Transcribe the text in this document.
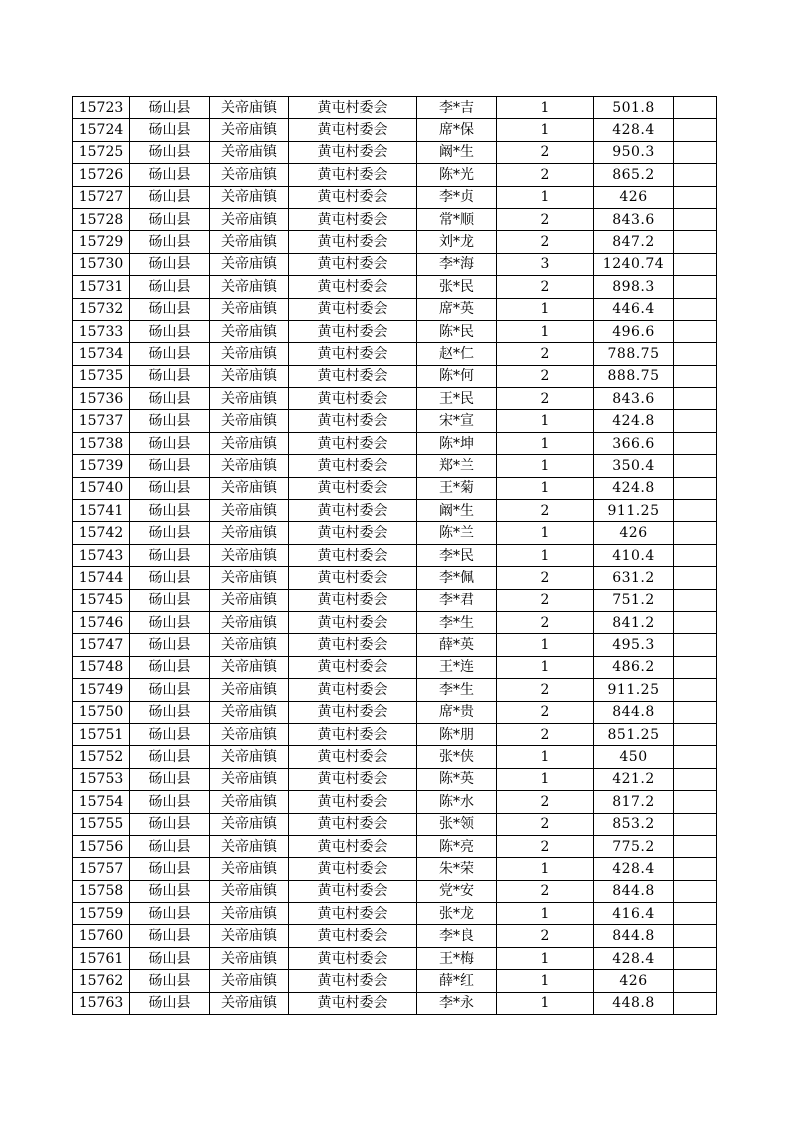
15723	砀山县	关帝庙镇	黄屯村委会	李*吉	1	501.8	
15724	砀山县	关帝庙镇	黄屯村委会	席*保	1	428.4	
15725	砀山县	关帝庙镇	黄屯村委会	阚*生	2	950.3	
15726	砀山县	关帝庙镇	黄屯村委会	陈*光	2	865.2	
15727	砀山县	关帝庙镇	黄屯村委会	李*贞	1	426	
15728	砀山县	关帝庙镇	黄屯村委会	常*顺	2	843.6	
15729	砀山县	关帝庙镇	黄屯村委会	刘*龙	2	847.2	
15730	砀山县	关帝庙镇	黄屯村委会	李*海	3	1240.74	
15731	砀山县	关帝庙镇	黄屯村委会	张*民	2	898.3	
15732	砀山县	关帝庙镇	黄屯村委会	席*英	1	446.4	
15733	砀山县	关帝庙镇	黄屯村委会	陈*民	1	496.6	
15734	砀山县	关帝庙镇	黄屯村委会	赵*仁	2	788.75	
15735	砀山县	关帝庙镇	黄屯村委会	陈*何	2	888.75	
15736	砀山县	关帝庙镇	黄屯村委会	王*民	2	843.6	
15737	砀山县	关帝庙镇	黄屯村委会	宋*宣	1	424.8	
15738	砀山县	关帝庙镇	黄屯村委会	陈*坤	1	366.6	
15739	砀山县	关帝庙镇	黄屯村委会	郑*兰	1	350.4	
15740	砀山县	关帝庙镇	黄屯村委会	王*菊	1	424.8	
15741	砀山县	关帝庙镇	黄屯村委会	阚*生	2	911.25	
15742	砀山县	关帝庙镇	黄屯村委会	陈*兰	1	426	
15743	砀山县	关帝庙镇	黄屯村委会	李*民	1	410.4	
15744	砀山县	关帝庙镇	黄屯村委会	李*佩	2	631.2	
15745	砀山县	关帝庙镇	黄屯村委会	李*君	2	751.2	
15746	砀山县	关帝庙镇	黄屯村委会	李*生	2	841.2	
15747	砀山县	关帝庙镇	黄屯村委会	薛*英	1	495.3	
15748	砀山县	关帝庙镇	黄屯村委会	王*连	1	486.2	
15749	砀山县	关帝庙镇	黄屯村委会	李*生	2	911.25	
15750	砀山县	关帝庙镇	黄屯村委会	席*贵	2	844.8	
15751	砀山县	关帝庙镇	黄屯村委会	陈*朋	2	851.25	
15752	砀山县	关帝庙镇	黄屯村委会	张*侠	1	450	
15753	砀山县	关帝庙镇	黄屯村委会	陈*英	1	421.2	
15754	砀山县	关帝庙镇	黄屯村委会	陈*水	2	817.2	
15755	砀山县	关帝庙镇	黄屯村委会	张*领	2	853.2	
15756	砀山县	关帝庙镇	黄屯村委会	陈*亮	2	775.2	
15757	砀山县	关帝庙镇	黄屯村委会	朱*荣	1	428.4	
15758	砀山县	关帝庙镇	黄屯村委会	党*安	2	844.8	
15759	砀山县	关帝庙镇	黄屯村委会	张*龙	1	416.4	
15760	砀山县	关帝庙镇	黄屯村委会	李*良	2	844.8	
15761	砀山县	关帝庙镇	黄屯村委会	王*梅	1	428.4	
15762	砀山县	关帝庙镇	黄屯村委会	薛*红	1	426	
15763	砀山县	关帝庙镇	黄屯村委会	李*永	1	448.8	
